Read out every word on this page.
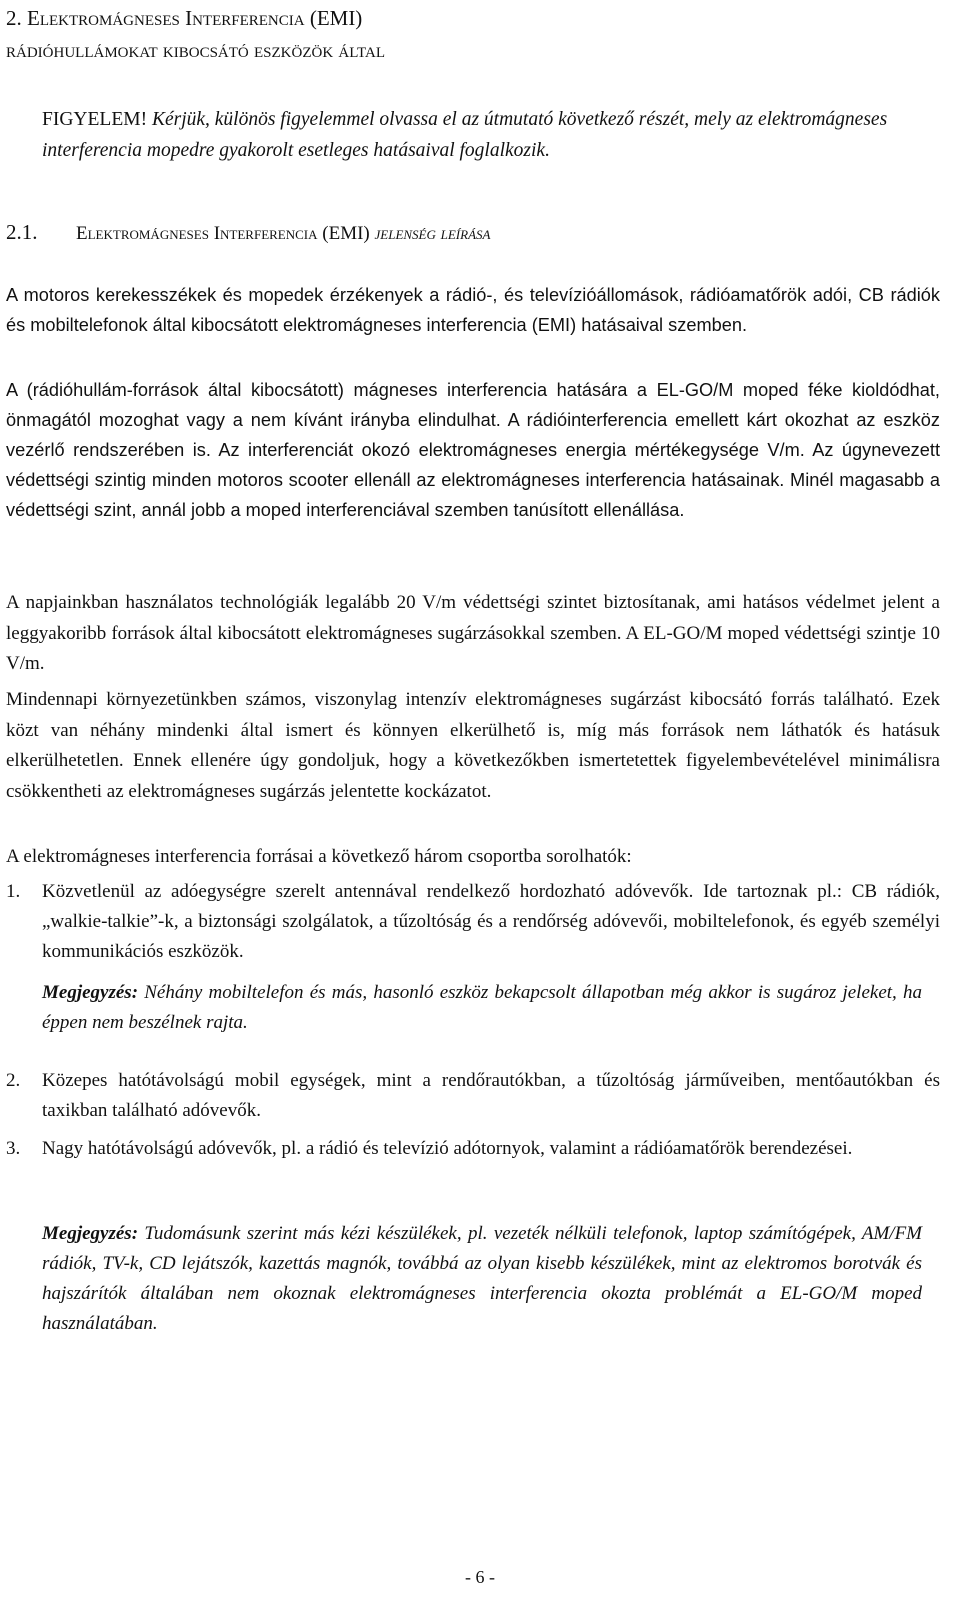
2. Elektromágneses Interferencia (EMI)
rádióhullámokat kibocsátó eszközök által
FIGYELEM! Kérjük, különös figyelemmel olvassa el az útmutató következő részét, mely az elektromágneses interferencia mopedre gyakorolt esetleges hatásaival foglalkozik.
2.1. Elektromágneses Interferencia (EMI) jelenség leírása
A motoros kerekesszékek és mopedek érzékenyek a rádió-, és televízióállomások, rádióamatőrök adói, CB rádiók és mobiltelefonok által kibocsátott elektromágneses interferencia (EMI) hatásaival szemben.
A (rádióhullám-források által kibocsátott) mágneses interferencia hatására a EL-GO/M moped féke kioldódhat, önmagától mozoghat vagy a nem kívánt irányba elindulhat. A rádióinterferencia emellett kárt okozhat az eszköz vezérlő rendszerében is. Az interferenciát okozó elektromágneses energia mértékegysége V/m. Az úgynevezett védettségi szintig minden motoros scooter ellenáll az elektromágneses interferencia hatásainak. Minél magasabb a védettségi szint, annál jobb a moped interferenciával szemben tanúsított ellenállása.
A napjainkban használatos technológiák legalább 20 V/m védettségi szintet biztosítanak, ami hatásos védelmet jelent a leggyakoribb források által kibocsátott elektromágneses sugárzásokkal szemben. A EL-GO/M moped védettségi szintje 10 V/m.
Mindennapi környezetünkben számos, viszonylag intenzív elektromágneses sugárzást kibocsátó forrás található. Ezek közt van néhány mindenki által ismert és könnyen elkerülhető is, míg más források nem láthatók és hatásuk elkerülhetetlen. Ennek ellenére úgy gondoljuk, hogy a következőkben ismertetettek figyelembevételével minimálisra csökkentheti az elektromágneses sugárzás jelentette kockázatot.
A elektromágneses interferencia forrásai a következő három csoportba sorolhatók:
1. Közvetlenül az adóegységre szerelt antennával rendelkező hordozható adóvevők. Ide tartoznak pl.: CB rádiók, „walkie-talkie”-k, a biztonsági szolgálatok, a tűzoltóság és a rendőrség adóvevői, mobiltelefonok, és egyéb személyi kommunikációs eszközök.
Megjegyzés: Néhány mobiltelefon és más, hasonló eszköz bekapcsolt állapotban még akkor is sugároz jeleket, ha éppen nem beszélnek rajta.
2. Közepes hatótávolságú mobil egységek, mint a rendőrautókban, a tűzoltóság járműveiben, mentőautókban és taxikban található adóvevők.
3. Nagy hatótávolságú adóvevők, pl. a rádió és televízió adótornyok, valamint a rádióamatőrök berendezései.
Megjegyzés: Tudomásunk szerint más kézi készülékek, pl. vezeték nélküli telefonok, laptop számítógépek, AM/FM rádiók, TV-k, CD lejátszók, kazettás magnók, továbbá az olyan kisebb készülékek, mint az elektromos borotvák és hajszárítók általában nem okoznak elektromágneses interferencia okozta problémát a EL-GO/M moped használatában.
- 6 -
